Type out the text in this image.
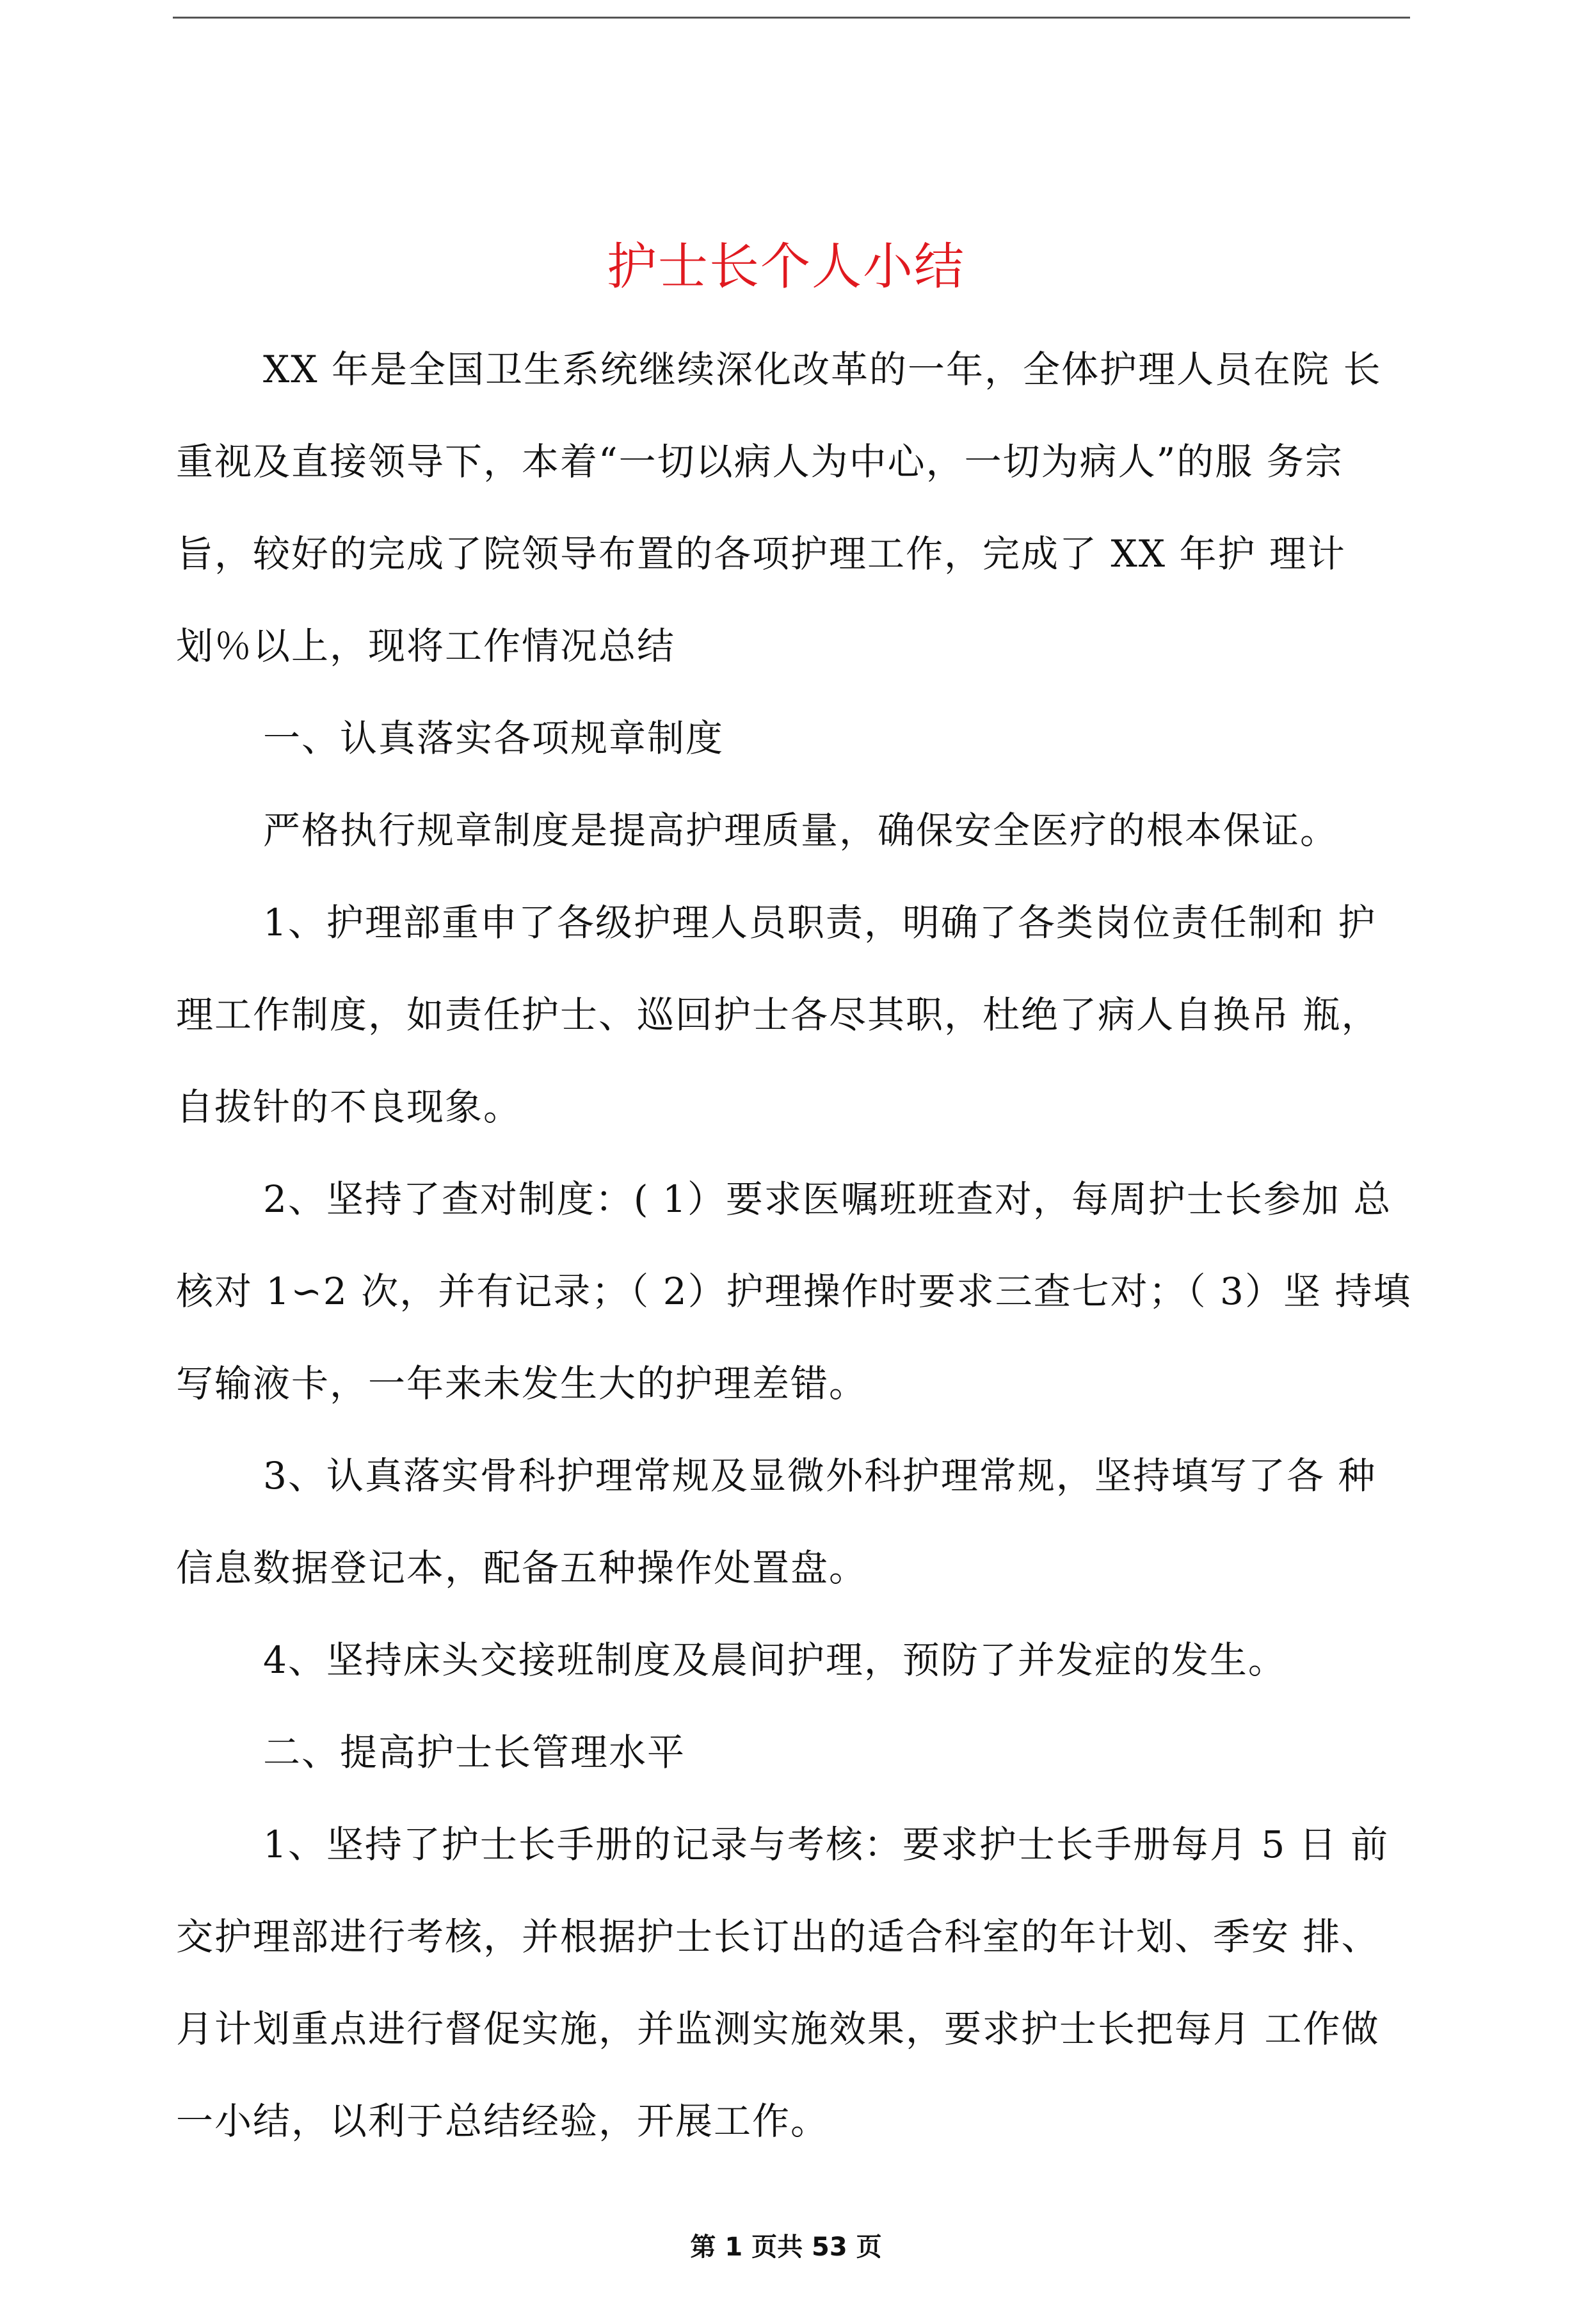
护士长个人小结

XX 年是全国卫生系统继续深化改革的一年，全体护理人员在院 长重视及直接领导下，本着“一切以病人为中心，一切为病人”的服 务宗旨，较好的完成了院领导布置的各项护理工作，完成了 XX 年护 理计划％以上，现将工作情况总结

一、认真落实各项规章制度

严格执行规章制度是提高护理质量，确保安全医疗的根本保证。

1、护理部重申了各级护理人员职责，明确了各类岗位责任制和 护理工作制度，如责任护士、巡回护士各尽其职，杜绝了病人自换吊 瓶，自拔针的不良现象。

2、坚持了查对制度：( 1）要求医嘱班班查对，每周护士长参加 总核对 1∽2 次，并有记录；（ 2）护理操作时要求三查七对；（ 3）坚 持填写输液卡，一年来未发生大的护理差错。

3、认真落实骨科护理常规及显微外科护理常规，坚持填写了各 种信息数据登记本，配备五种操作处置盘。

4、坚持床头交接班制度及晨间护理，预防了并发症的发生。

二、提高护士长管理水平

1、坚持了护士长手册的记录与考核：要求护士长手册每月 5 日 前交护理部进行考核，并根据护士长订出的适合科室的年计划、季安 排、月计划重点进行督促实施，并监测实施效果，要求护士长把每月 工作做一小结，以利于总结经验，开展工作。

第 1 页共 53 页
